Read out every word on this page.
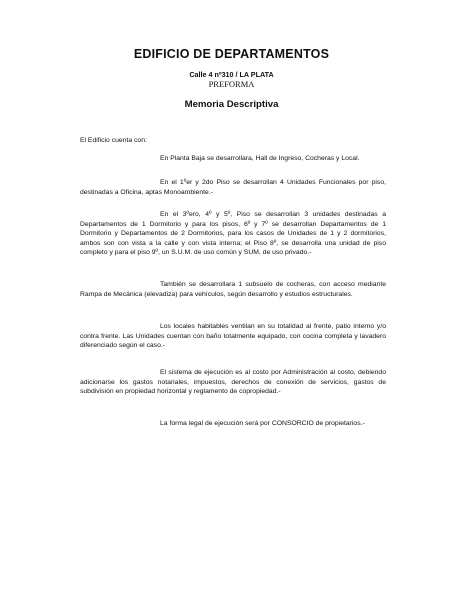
EDIFICIO DE DEPARTAMENTOS
Calle 4 nº310 / LA PLATA
PREFORMA
Memoria Descriptiva
El Edificio cuenta con:

En Planta Baja se desarrollara, Hall de Ingreso, Cocheras y Local.

En el 1ºer y 2do Piso se desarrollan 4 Unidades Funcionales por piso, destinadas a Oficina, aptas Monoambiente.-

En el 3ºero, 4º y 5º, Piso se desarrollan 3 unidades destinadas a Departamentos de 1 Dormitorio y para los pisos, 6º y 7º se desarrollan Departamentos de 1 Dormitorio y Departamentos de 2 Dormitorios, para los casos de Unidades de 1 y 2 dormitorios, ambos son con vista a la calle y con vista interna; el Piso 8º, se desarrolla una unidad de piso completo y para el piso 9º, un S.U.M. de uso común y SUM, de uso privado.-

También se desarrollara 1 subsuelo de cocheras, con acceso mediante Rampa de Mecánica (elevadiza) para vehículos, según desarrollo y estudios estructurales.

Los locales habitables ventilan en su totalidad al frente, patio interno y/o contra frente. Las Unidades cuentan con baño totalmente equipado, con cocina completa y lavadero diferenciado según el caso.-

El sistema de ejecución es al costo por Administración al costo, debiendo adicionarse los gastos notariales, impuestos, derechos de conexión de servicios, gastos de subdivisión en propiedad horizontal y reglamento de copropiedad.-

La forma legal de ejecución será por CONSORCIO de propietarios.-
